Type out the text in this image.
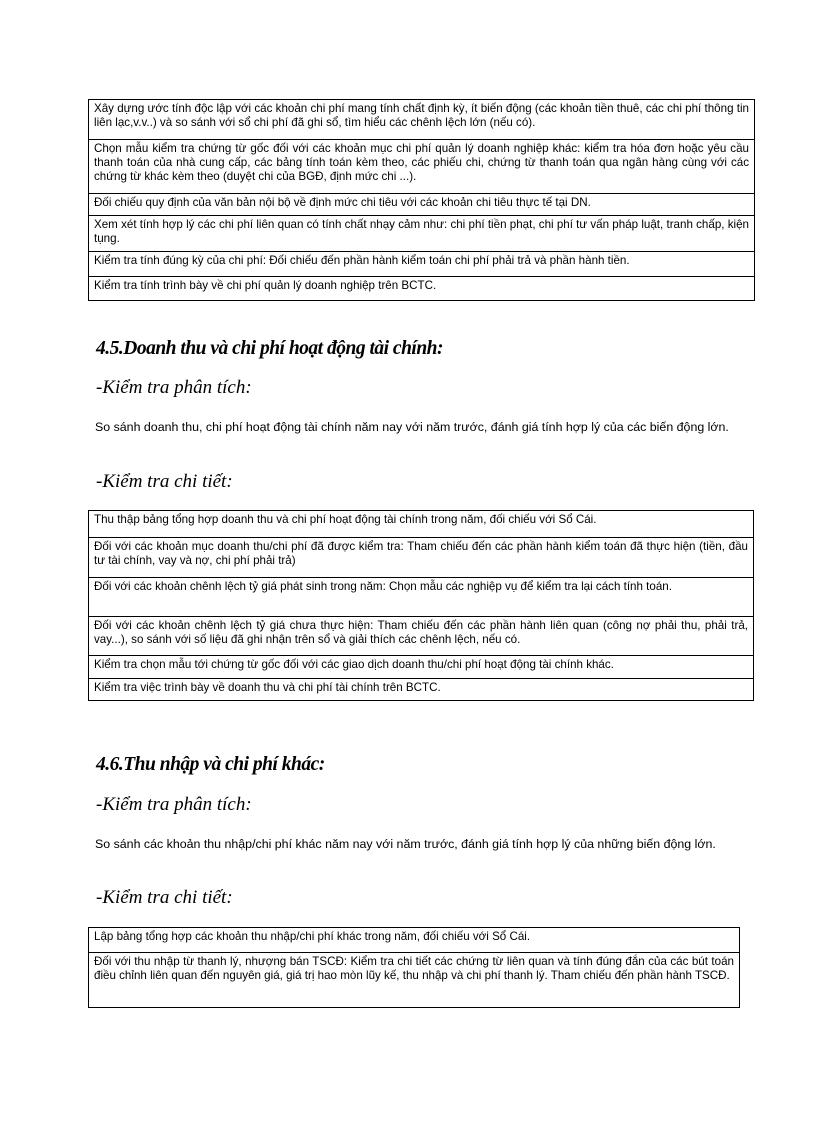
Xây dựng ước tính độc lập với các khoản chi phí mang tính chất định kỳ, ít biến động (các khoản tiền thuê, các chi phí thông tin liên lạc,v.v..) và so sánh với sổ chi phí đã ghi sổ, tìm hiểu các chênh lệch lớn (nếu có).
Chọn mẫu kiểm tra chứng từ gốc đối với các khoản mục chi phí quản lý doanh nghiệp khác: kiểm tra hóa đơn hoặc yêu cầu thanh toán của nhà cung cấp, các bảng tính toán kèm theo, các phiếu chi, chứng từ thanh toán qua ngân hàng cùng với các chứng từ khác kèm theo (duyệt chi của BGĐ, định mức chi ...).
Đối chiếu quy định của văn bản nội bộ về định mức chi tiêu với các khoản chi tiêu thực tế tại DN.
Xem xét tính hợp lý các chi phí liên quan có tính chất nhạy cảm như: chi phí tiền phạt, chi phí tư vấn pháp luật, tranh chấp, kiện tụng.
Kiểm tra tính đúng kỳ của chi phí: Đối chiếu đến phần hành kiểm toán chi phí phải trả và phần hành tiền.
Kiểm tra tính trình bày về chi phí quản lý doanh nghiệp trên BCTC.
4.5.Doanh thu và chi phí hoạt động tài chính:
-Kiểm tra phân tích:
So sánh doanh thu, chi phí hoạt động tài chính năm nay với năm trước, đánh giá tính hợp lý của các biến động lớn.
-Kiểm tra chi tiết:
Thu thập bảng tổng hợp doanh thu và chi phí hoạt động tài chính trong năm, đối chiếu với Sổ Cái.
Đối với các khoản mục doanh thu/chi phí đã được kiểm tra: Tham chiếu đến các phần hành kiểm toán đã thực hiện (tiền, đầu tư tài chính, vay và nợ, chi phí phải trả)
Đối với các khoản chênh lệch tỷ giá phát sinh trong năm: Chọn mẫu các nghiệp vụ để kiểm tra lại cách tính toán.
Đối với các khoản chênh lệch tỷ giá chưa thực hiện: Tham chiếu đến các phần hành liên quan (công nợ phải thu, phải trả, vay...), so sánh với số liệu đã ghi nhận trên sổ và giải thích các chênh lệch, nếu có.
Kiểm tra chọn mẫu tới chứng từ gốc đối với các giao dịch doanh thu/chi phí hoạt động tài chính khác.
Kiểm tra việc trình bày về doanh thu và chi phí tài chính trên BCTC.
4.6.Thu nhập và chi phí khác:
-Kiểm tra phân tích:
So sánh các khoản thu nhập/chi phí khác năm nay với năm trước, đánh giá tính hợp lý của những biến động lớn.
-Kiểm tra chi tiết:
Lập bảng tổng hợp các khoản thu nhập/chi phí khác trong năm, đối chiếu với Sổ Cái.
Đối với thu nhập từ thanh lý, nhượng bán TSCĐ: Kiểm tra chi tiết các chứng từ liên quan và tính đúng đắn của các bút toán điều chỉnh liên quan đến nguyên giá, giá trị hao mòn lũy kế, thu nhập và chi phí thanh lý. Tham chiếu đến phần hành TSCĐ.
